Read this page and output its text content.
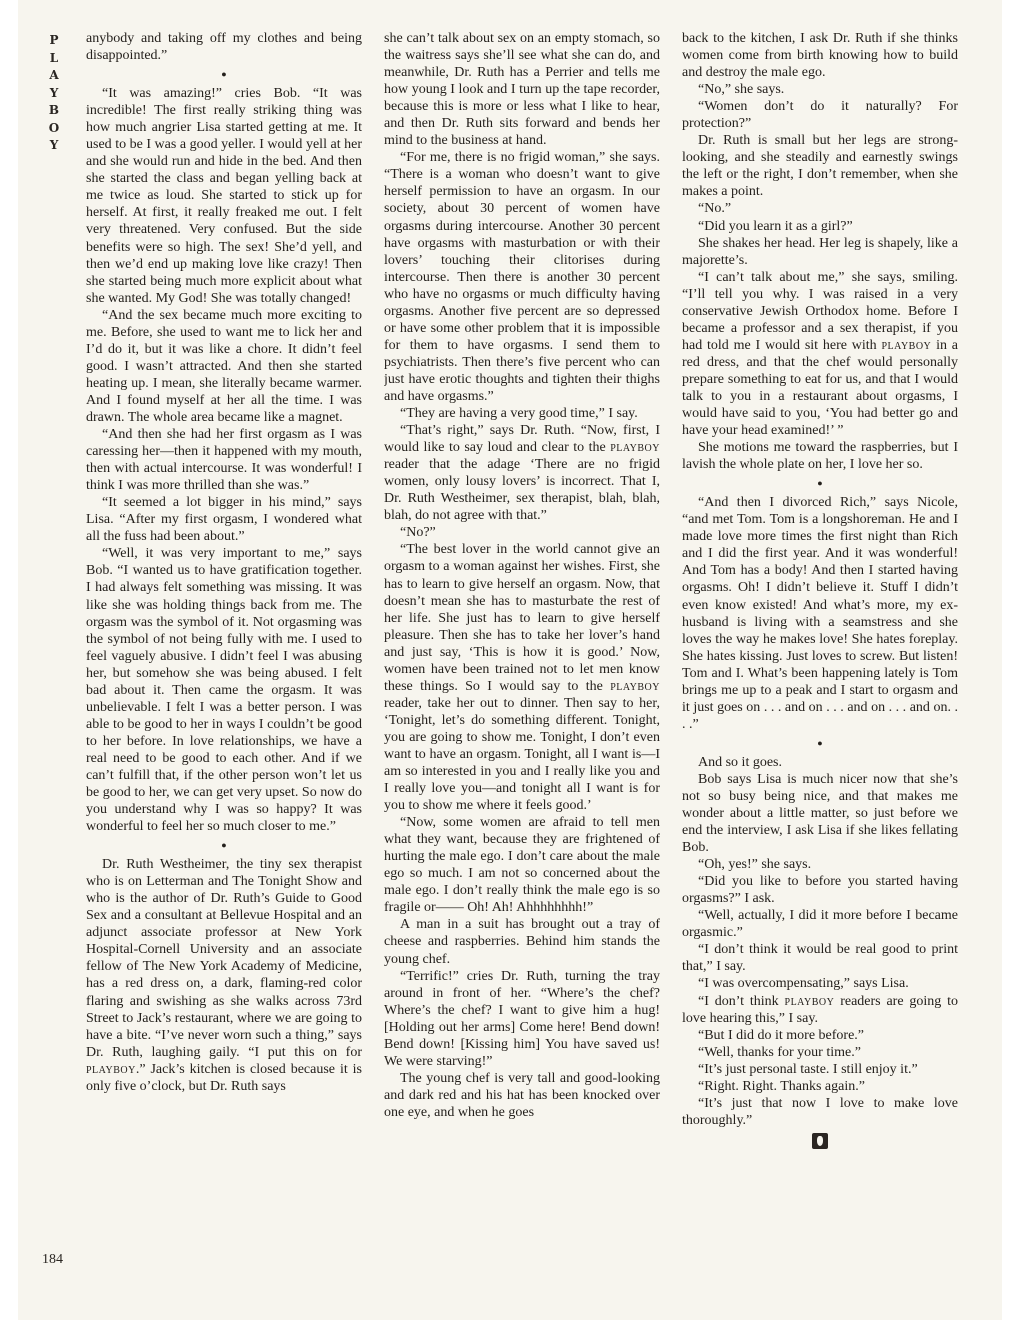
P
L
A
Y
B
O
Y
184

anybody and taking off my clothes and being disappointed.”

●

“It was amazing!” cries Bob. “It was incredible! The first really striking thing was how much angrier Lisa started getting at me. It used to be I was a good yeller. I would yell at her and she would run and hide in the bed. And then she started the class and began yelling back at me twice as loud. She started to stick up for herself. At first, it really freaked me out. I felt very threatened. Very confused. But the side benefits were so high. The sex! She’d yell, and then we’d end up making love like crazy! Then she started being much more explicit about what she wanted. My God! She was totally changed!

“And the sex became much more exciting to me. Before, she used to want me to lick her and I’d do it, but it was like a chore. It didn’t feel good. I wasn’t attracted. And then she started heating up. I mean, she literally became warmer. And I found myself at her all the time. I was drawn. The whole area became like a magnet.

“And then she had her first orgasm as I was caressing her—then it happened with my mouth, then with actual intercourse. It was wonderful! I think I was more thrilled than she was.”

“It seemed a lot bigger in his mind,” says Lisa. “After my first orgasm, I wondered what all the fuss had been about.”

“Well, it was very important to me,” says Bob. “I wanted us to have gratification together. I had always felt something was missing. It was like she was holding things back from me. The orgasm was the symbol of it. Not orgasming was the symbol of not being fully with me. I used to feel vaguely abusive. I didn’t feel I was abusing her, but somehow she was being abused. I felt bad about it. Then came the orgasm. It was unbelievable. I felt I was a better person. I was able to be good to her in ways I couldn’t be good to her before. In love relationships, we have a real need to be good to each other. And if we can’t fulfill that, if the other person won’t let us be good to her, we can get very upset. So now do you understand why I was so happy? It was wonderful to feel her so much closer to me.”

●

Dr. Ruth Westheimer, the tiny sex therapist who is on Letterman and The Tonight Show and who is the author of Dr. Ruth’s Guide to Good Sex and a consultant at Bellevue Hospital and an adjunct associate professor at New York Hospital-Cornell University and an associate fellow of The New York Academy of Medicine, has a red dress on, a dark, flaming-red color flaring and swishing as she walks across 73rd Street to Jack’s restaurant, where we are going to have a bite. “I’ve never worn such a thing,” says Dr. Ruth, laughing gaily. “I put this on for playboy.” Jack’s kitchen is closed because it is only five o’clock, but Dr. Ruth says

she can’t talk about sex on an empty stomach, so the waitress says she’ll see what she can do, and meanwhile, Dr. Ruth has a Perrier and tells me how young I look and I turn up the tape recorder, because this is more or less what I like to hear, and then Dr. Ruth sits forward and bends her mind to the business at hand.

“For me, there is no frigid woman,” she says. “There is a woman who doesn’t want to give herself permission to have an orgasm. In our society, about 30 percent of women have orgasms during intercourse. Another 30 percent have orgasms with masturbation or with their lovers’ touching their clitorises during intercourse. Then there is another 30 percent who have no orgasms or much difficulty having orgasms. Another five percent are so depressed or have some other problem that it is impossible for them to have orgasms. I send them to psychiatrists. Then there’s five percent who can just have erotic thoughts and tighten their thighs and have orgasms.”

“They are having a very good time,” I say.

“That’s right,” says Dr. Ruth. “Now, first, I would like to say loud and clear to the playboy reader that the adage ‘There are no frigid women, only lousy lovers’ is incorrect. That I, Dr. Ruth Westheimer, sex therapist, blah, blah, blah, do not agree with that.”

“No?”

“The best lover in the world cannot give an orgasm to a woman against her wishes. First, she has to learn to give herself an orgasm. Now, that doesn’t mean she has to masturbate the rest of her life. She just has to learn to give herself pleasure. Then she has to take her lover’s hand and just say, ‘This is how it is good.’ Now, women have been trained not to let men know these things. So I would say to the playboy reader, take her out to dinner. Then say to her, ‘Tonight, let’s do something different. Tonight, you are going to show me. Tonight, I don’t even want to have an orgasm. Tonight, all I want is—I am so interested in you and I really like you and I really love you—and tonight all I want is for you to show me where it feels good.’

“Now, some women are afraid to tell men what they want, because they are frightened of hurting the male ego. I don’t care about the male ego so much. I am not so concerned about the male ego. I don’t really think the male ego is so fragile or—— Oh! Ah! Ahhhhhhhh!”

A man in a suit has brought out a tray of cheese and raspberries. Behind him stands the young chef.

“Terrific!” cries Dr. Ruth, turning the tray around in front of her. “Where’s the chef? Where’s the chef? I want to give him a hug! [Holding out her arms] Come here! Bend down! Bend down! [Kissing him] You have saved us! We were starving!”

The young chef is very tall and good-looking and dark red and his hat has been knocked over one eye, and when he goes

back to the kitchen, I ask Dr. Ruth if she thinks women come from birth knowing how to build and destroy the male ego.

“No,” she says.

“Women don’t do it naturally? For protection?”

Dr. Ruth is small but her legs are strong-looking, and she steadily and earnestly swings the left or the right, I don’t remember, when she makes a point.

“No.”

“Did you learn it as a girl?”

She shakes her head. Her leg is shapely, like a majorette’s.

“I can’t talk about me,” she says, smiling. “I’ll tell you why. I was raised in a very conservative Jewish Orthodox home. Before I became a professor and a sex therapist, if you had told me I would sit here with playboy in a red dress, and that the chef would personally prepare something to eat for us, and that I would talk to you in a restaurant about orgasms, I would have said to you, ‘You had better go and have your head examined!’ ”

She motions me toward the raspberries, but I lavish the whole plate on her, I love her so.

●

“And then I divorced Rich,” says Nicole, “and met Tom. Tom is a longshoreman. He and I made love more times the first night than Rich and I did the first year. And it was wonderful! And Tom has a body! And then I started having orgasms. Oh! I didn’t believe it. Stuff I didn’t even know existed! And what’s more, my ex-husband is living with a seamstress and she loves the way he makes love! She hates foreplay. She hates kissing. Just loves to screw. But listen! Tom and I. What’s been happening lately is Tom brings me up to a peak and I start to orgasm and it just goes on . . . and on . . . and on . . . and on. . . .”

●

And so it goes.

Bob says Lisa is much nicer now that she’s not so busy being nice, and that makes me wonder about a little matter, so just before we end the interview, I ask Lisa if she likes fellating Bob.

“Oh, yes!” she says.

“Did you like to before you started having orgasms?” I ask.

“Well, actually, I did it more before I became orgasmic.”

“I don’t think it would be real good to print that,” I say.

“I was overcompensating,” says Lisa.

“I don’t think playboy readers are going to love hearing this,” I say.

“But I did do it more before.”

“Well, thanks for your time.”

“It’s just personal taste. I still enjoy it.”

“Right. Right. Thanks again.”

“It’s just that now I love to make love thoroughly.”
